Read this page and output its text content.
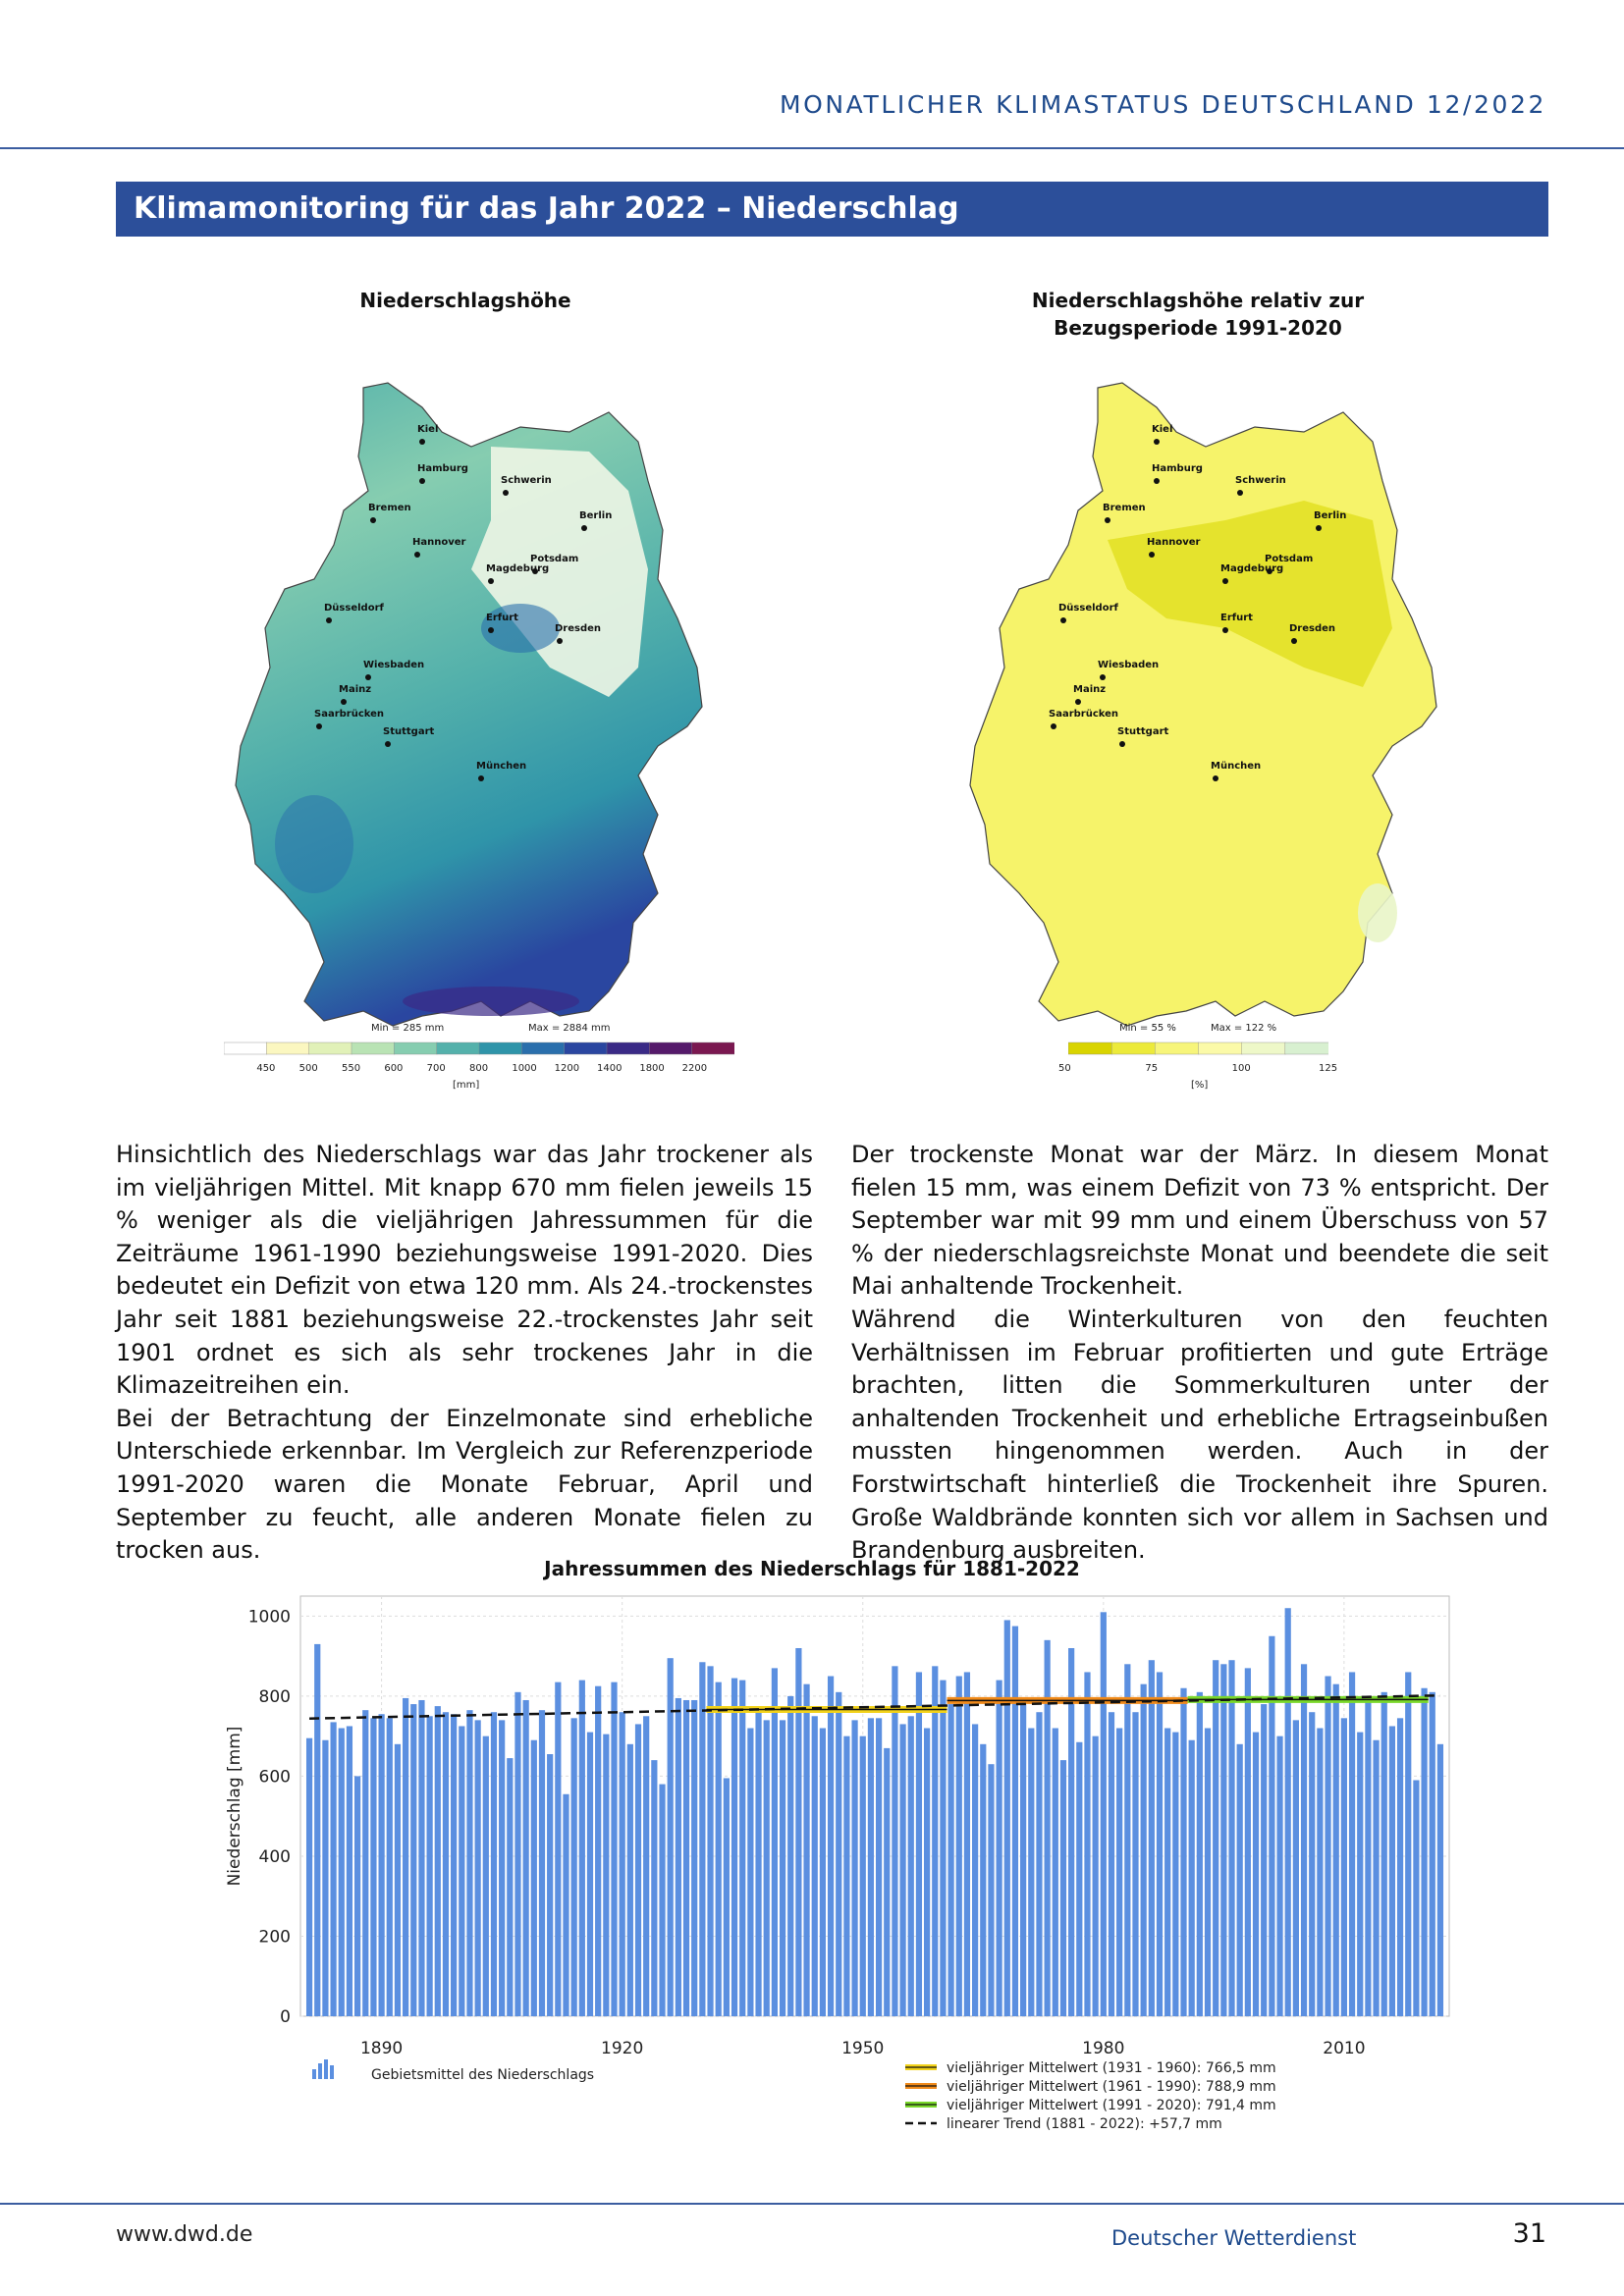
MONATLICHER KLIMASTATUS DEUTSCHLAND 12/2022
Klimamonitoring für das Jahr 2022 – Niederschlag
Niederschlagshöhe
Kiel
Hamburg
Schwerin
Bremen
Berlin
Hannover
Potsdam
Magdeburg
Düsseldorf
Erfurt
Dresden
Wiesbaden
Mainz
Saarbrücken
Stuttgart
München
Min = 285 mm	Max = 2884 mm
450 500 550 600 700 800 1000 1200 1400 1800 2200
[mm]
Niederschlagshöhe relativ zur
Bezugsperiode 1991-2020
Kiel
Hamburg
Schwerin
Bremen
Berlin
Hannover
Potsdam
Magdeburg
Düsseldorf
Erfurt
Dresden
Wiesbaden
Mainz
Saarbrücken
Stuttgart
München
Min = 55 %	Max = 122 %
50	75	100	125
[%]

Hinsichtlich des Niederschlags war das Jahr trockener als im vieljährigen Mittel. Mit knapp 670 mm fielen jeweils 15 % weniger als die vieljährigen Jahressummen für die Zeiträume 1961-1990 beziehungsweise 1991-2020. Dies bedeutet ein Defizit von etwa 120 mm. Als 24.-trockenstes Jahr seit 1881 beziehungsweise 22.-trockenstes Jahr seit 1901 ordnet es sich als sehr trockenes Jahr in die Klimazeitreihen ein.

Bei der Betrachtung der Einzelmonate sind erhebliche Unterschiede erkennbar. Im Vergleich zur Referenzperiode 1991-2020 waren die Monate Februar, April und September zu feucht, alle anderen Monate fielen zu trocken aus.

Der trockenste Monat war der März. In diesem Monat fielen 15 mm, was einem Defizit von 73 % entspricht. Der September war mit 99 mm und einem Überschuss von 57 % der niederschlagsreichste Monat und beendete die seit Mai anhaltende Trockenheit.

Während die Winterkulturen von den feuchten Verhältnissen im Februar profitierten und gute Erträge brachten, litten die Sommerkulturen unter der anhaltenden Trockenheit und erhebliche Ertragseinbußen mussten hingenommen werden. Auch in der Forstwirtschaft hinterließ die Trockenheit ihre Spuren. Große Waldbrände konnten sich vor allem in Sachsen und Brandenburg ausbreiten.

Jahressummen des Niederschlags für 1881-2022
0
200
400
600
800
1000
1890	1920	1950	1980	2010
Niederschlag [mm]
Gebietsmittel des Niederschlags	vieljähriger Mittelwert (1931 - 1960): 766,5 mm
vieljähriger Mittelwert (1961 - 1990): 788,9 mm
vieljähriger Mittelwert (1991 - 2020): 791,4 mm
linearer Trend (1881 - 2022): +57,7 mm
www.dwd.de	Deutscher Wetterdienst	31
